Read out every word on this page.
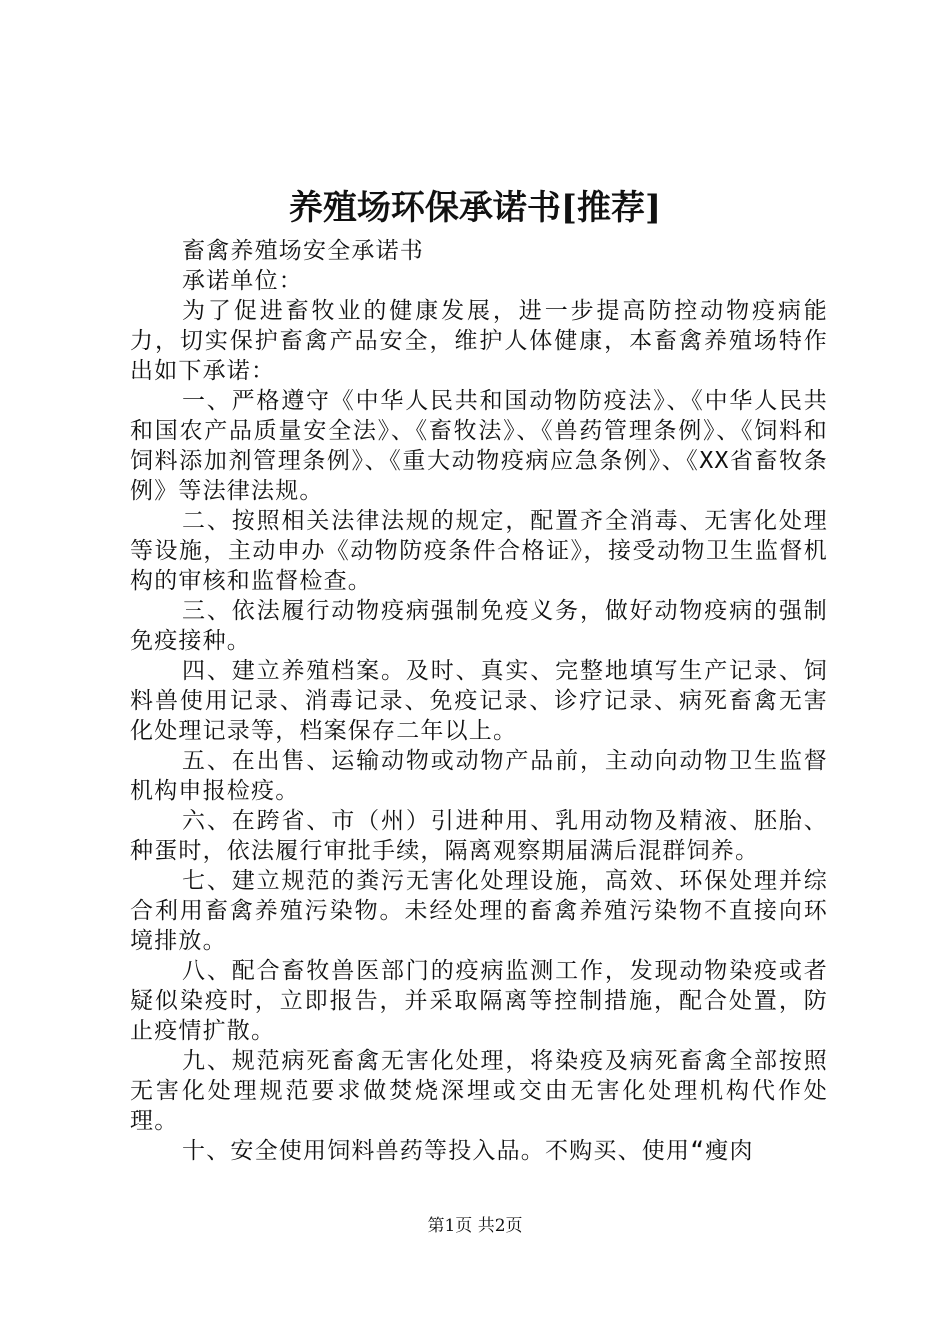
养殖场环保承诺书[推荐]

畜禽养殖场安全承诺书

承诺单位：

为了促进畜牧业的健康发展，进一步提高防控动物疫病能力，切实保护畜禽产品安全，维护人体健康，本畜禽养殖场特作出如下承诺：

一、严格遵守《中华人民共和国动物防疫法》、《中华人民共和国农产品质量安全法》、《畜牧法》、《兽药管理条例》、《饲料和饲料添加剂管理条例》、《重大动物疫病应急条例》、《XX省畜牧条例》等法律法规。

二、按照相关法律法规的规定，配置齐全消毒、无害化处理等设施，主动申办《动物防疫条件合格证》，接受动物卫生监督机构的审核和监督检查。

三、依法履行动物疫病强制免疫义务，做好动物疫病的强制免疫接种。

四、建立养殖档案。及时、真实、完整地填写生产记录、饲料兽使用记录、消毒记录、免疫记录、诊疗记录、病死畜禽无害化处理记录等，档案保存二年以上。

五、在出售、运输动物或动物产品前，主动向动物卫生监督机构申报检疫。

六、在跨省、市（州）引进种用、乳用动物及精液、胚胎、种蛋时，依法履行审批手续，隔离观察期届满后混群饲养。

七、建立规范的粪污无害化处理设施，高效、环保处理并综合利用畜禽养殖污染物。未经处理的畜禽养殖污染物不直接向环境排放。

八、配合畜牧兽医部门的疫病监测工作，发现动物染疫或者疑似染疫时，立即报告，并采取隔离等控制措施，配合处置，防止疫情扩散。

九、规范病死畜禽无害化处理，将染疫及病死畜禽全部按照无害化处理规范要求做焚烧深埋或交由无害化处理机构代作处理。

十、安全使用饲料兽药等投入品。不购买、使用“瘦肉

第1页 共2页
